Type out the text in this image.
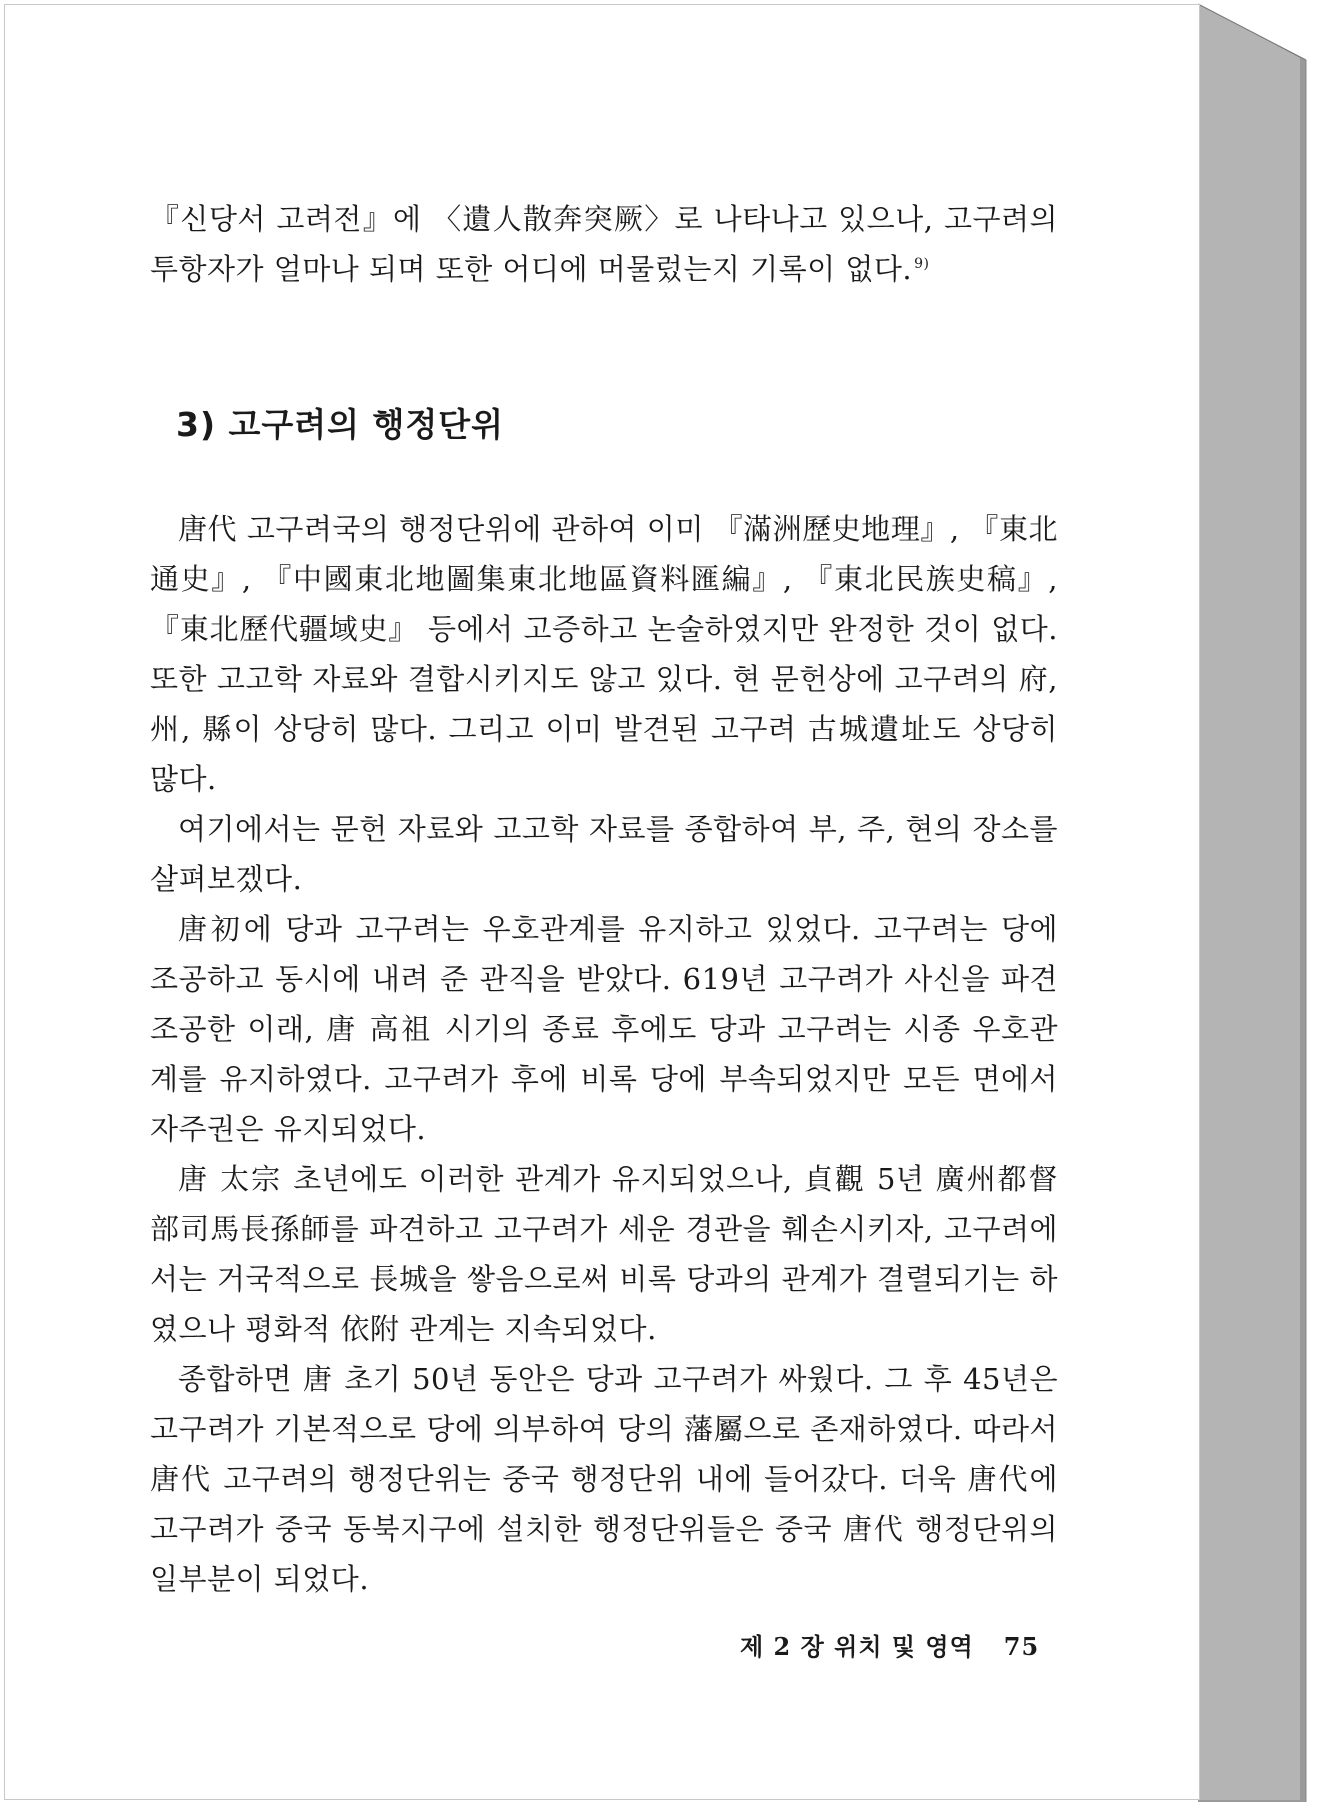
『신당서 고려전』에 〈遺人散奔突厥〉로 나타나고 있으나, 고구려의 투항자가 얼마나 되며 또한 어디에 머물렀는지 기록이 없다. $^{9)}$

3) 고구려의 행정단위

唐代 고구려국의 행정단위에 관하여 이미 『滿洲歷史地理』, 『東北通史』, 『中國東北地圖集東北地區資料匯編』, 『東北民族史稿』, 『東北歷代疆域史』 등에서 고증하고 논술하였지만 완정한 것이 없다. 또한 고고학 자료와 결합시키지도 않고 있다. 현 문헌상에 고구려의 府, 州, 縣이 상당히 많다. 그리고 이미 발견된 고구려 古城遺址도 상당히 많다.

여기에서는 문헌 자료와 고고학 자료를 종합하여 부, 주, 현의 장소를 살펴보겠다.

唐初에 당과 고구려는 우호관계를 유지하고 있었다. 고구려는 당에 조공하고 동시에 내려 준 관직을 받았다. 619년 고구려가 사신을 파견 조공한 이래, 唐 高祖 시기의 종료 후에도 당과 고구려는 시종 우호관계를 유지하였다. 고구려가 후에 비록 당에 부속되었지만 모든 면에서 자주권은 유지되었다.

唐 太宗 초년에도 이러한 관계가 유지되었으나, 貞觀 5년 廣州都督部司馬長孫師를 파견하고 고구려가 세운 경관을 훼손시키자, 고구려에서는 거국적으로 長城을 쌓음으로써 비록 당과의 관계가 결렬되기는 하였으나 평화적 依附 관계는 지속되었다.

종합하면 唐 초기 50년 동안은 당과 고구려가 싸웠다. 그 후 45년은 고구려가 기본적으로 당에 의부하여 당의 藩屬으로 존재하였다. 따라서 唐代 고구려의 행정단위는 중국 행정단위 내에 들어갔다. 더욱 唐代에 고구려가 중국 동북지구에 설치한 행정단위들은 중국 唐代 행정단위의 일부분이 되었다.

제 2 장 위치 및 영역 75
